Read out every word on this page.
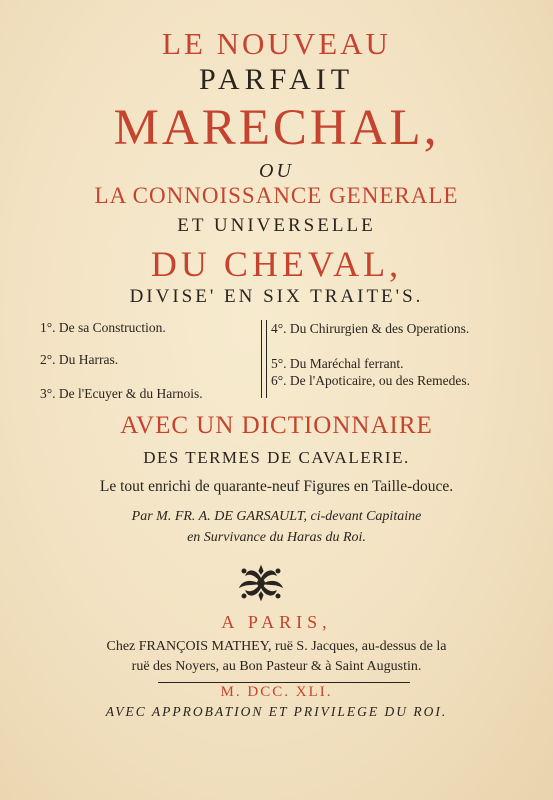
LE NOUVEAU
PARFAIT
MARECHAL,
OU
LA CONNOISSANCE GENERALE
ET UNIVERSELLE
DU CHEVAL,
DIVISE' EN SIX TRAITE'S.
1°. De sa Construction.
2°. Du Harras.
3°. De l'Ecuyer & du Harnois.
4°. Du Chirurgien & des Operations.
5°. Du Maréchal ferrant.
6°. De l'Apoticaire, ou des Remedes.
AVEC UN DICTIONNAIRE
DES TERMES DE CAVALERIE.
Le tout enrichi de quarante-neuf Figures en Taille-douce.
Par M. FR. A. DE GARSAULT, ci-devant Capitaine
en Survivance du Haras du Roi.
A PARIS,
Chez FRANÇOIS MATHEY, ruë S. Jacques, au-dessus de la
ruë des Noyers, au Bon Pasteur & à Saint Augustin.
M. DCC. XLI.
AVEC APPROBATION ET PRIVILEGE DU ROI.
